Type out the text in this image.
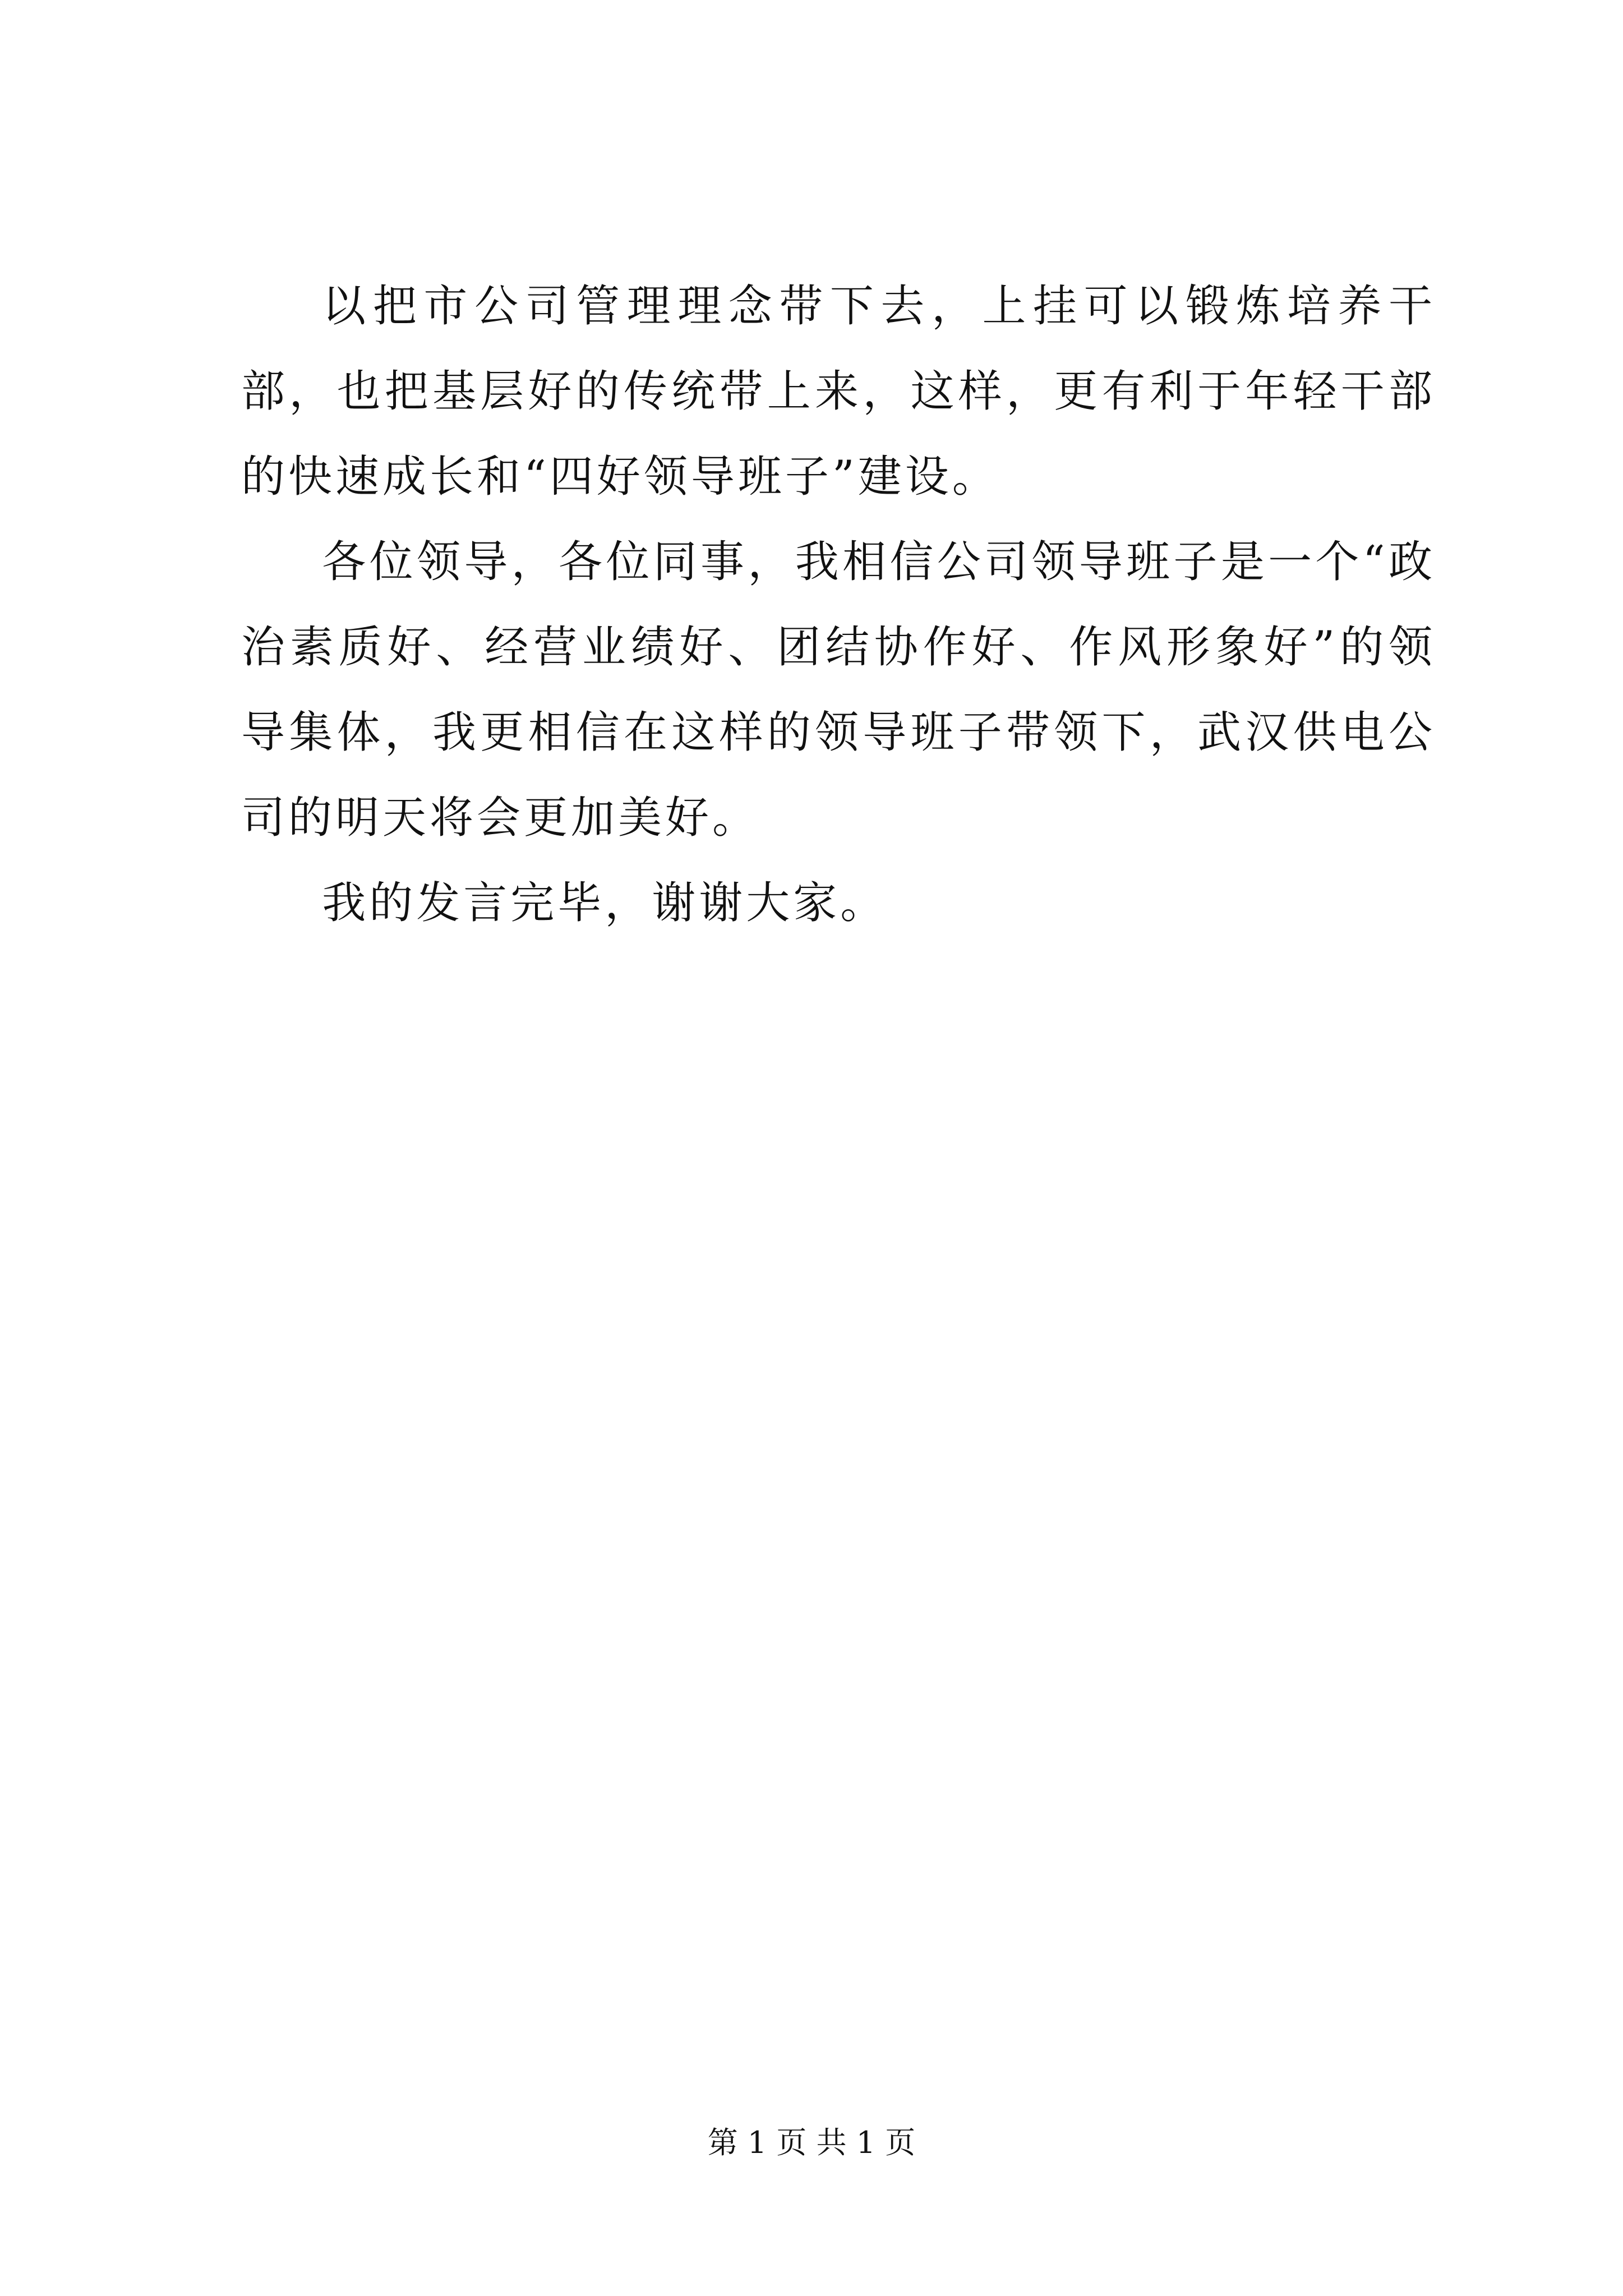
以把市公司管理理念带下去，上挂可以锻炼培养干部，也把基层好的传统带上来，这样，更有利于年轻干部的快速成长和“四好领导班子”建设。

各位领导，各位同事，我相信公司领导班子是一个“政治素质好、经营业绩好、团结协作好、作风形象好”的领导集体，我更相信在这样的领导班子带领下，武汉供电公司的明天将会更加美好。

我的发言完毕，谢谢大家。

第 1 页 共 1 页
